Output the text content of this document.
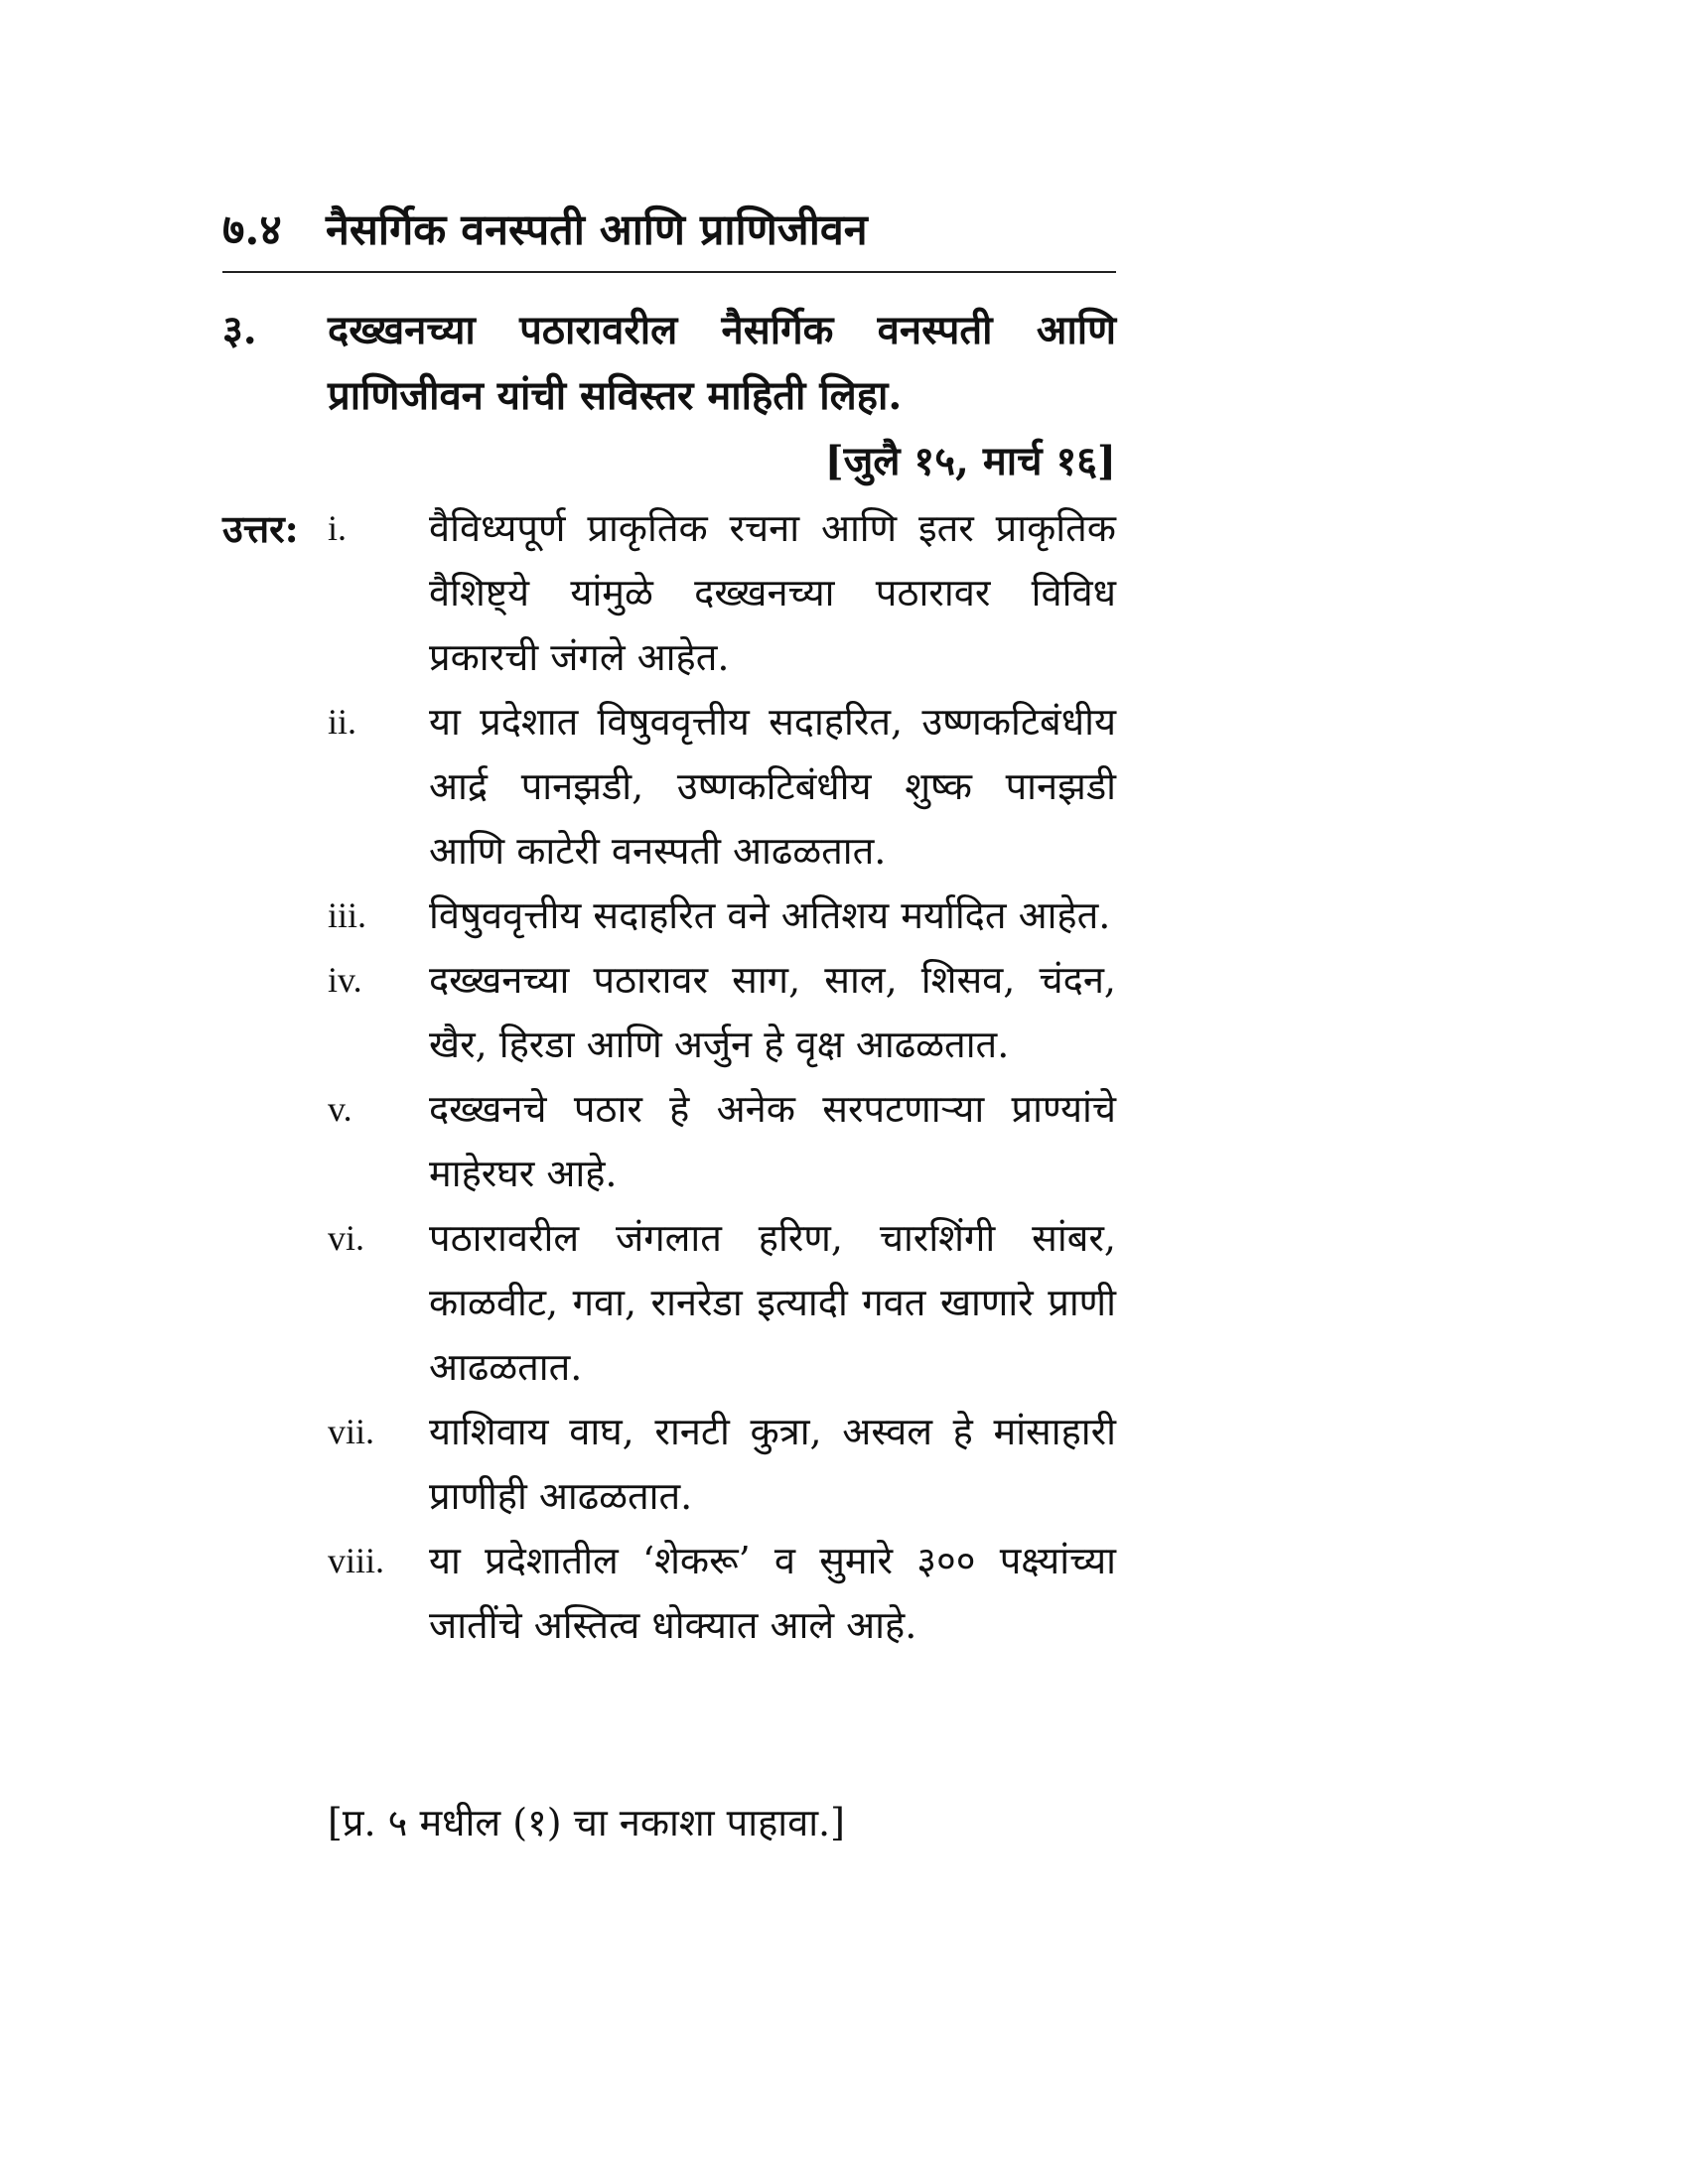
७.४ नैसर्गिक वनस्पती आणि प्राणिजीवन
३.	दख्खनच्या पठारावरील नैसर्गिक वनस्पती आणि प्राणिजीवन यांची सविस्तर माहिती लिहा.
[जुलै १५, मार्च १६]
उत्तर: i.	वैविध्यपूर्ण प्राकृतिक रचना आणि इतर प्राकृतिक वैशिष्ट्ये यांमुळे दख्खनच्या पठारावर विविध प्रकारची जंगले आहेत.
ii.	या प्रदेशात विषुववृत्तीय सदाहरित, उष्णकटिबंधीय आर्द्र पानझडी, उष्णकटिबंधीय शुष्क पानझडी आणि काटेरी वनस्पती आढळतात.
iii.	विषुववृत्तीय सदाहरित वने अतिशय मर्यादित आहेत.
iv.	दख्खनच्या पठारावर साग, साल, शिसव, चंदन, खैर, हिरडा आणि अर्जुन हे वृक्ष आढळतात.
v.	दख्खनचे पठार हे अनेक सरपटणाऱ्या प्राण्यांचे माहेरघर आहे.
vi.	पठारावरील जंगलात हरिण, चारशिंगी सांबर, काळवीट, गवा, रानरेडा इत्यादी गवत खाणारे प्राणी आढळतात.
vii.	याशिवाय वाघ, रानटी कुत्रा, अस्वल हे मांसाहारी प्राणीही आढळतात.
viii.	या प्रदेशातील ‘शेकरू’ व सुमारे ३०० पक्ष्यांच्या जातींचे अस्तित्व धोक्यात आले आहे.
[प्र. ५ मधील (१) चा नकाशा पाहावा.]
